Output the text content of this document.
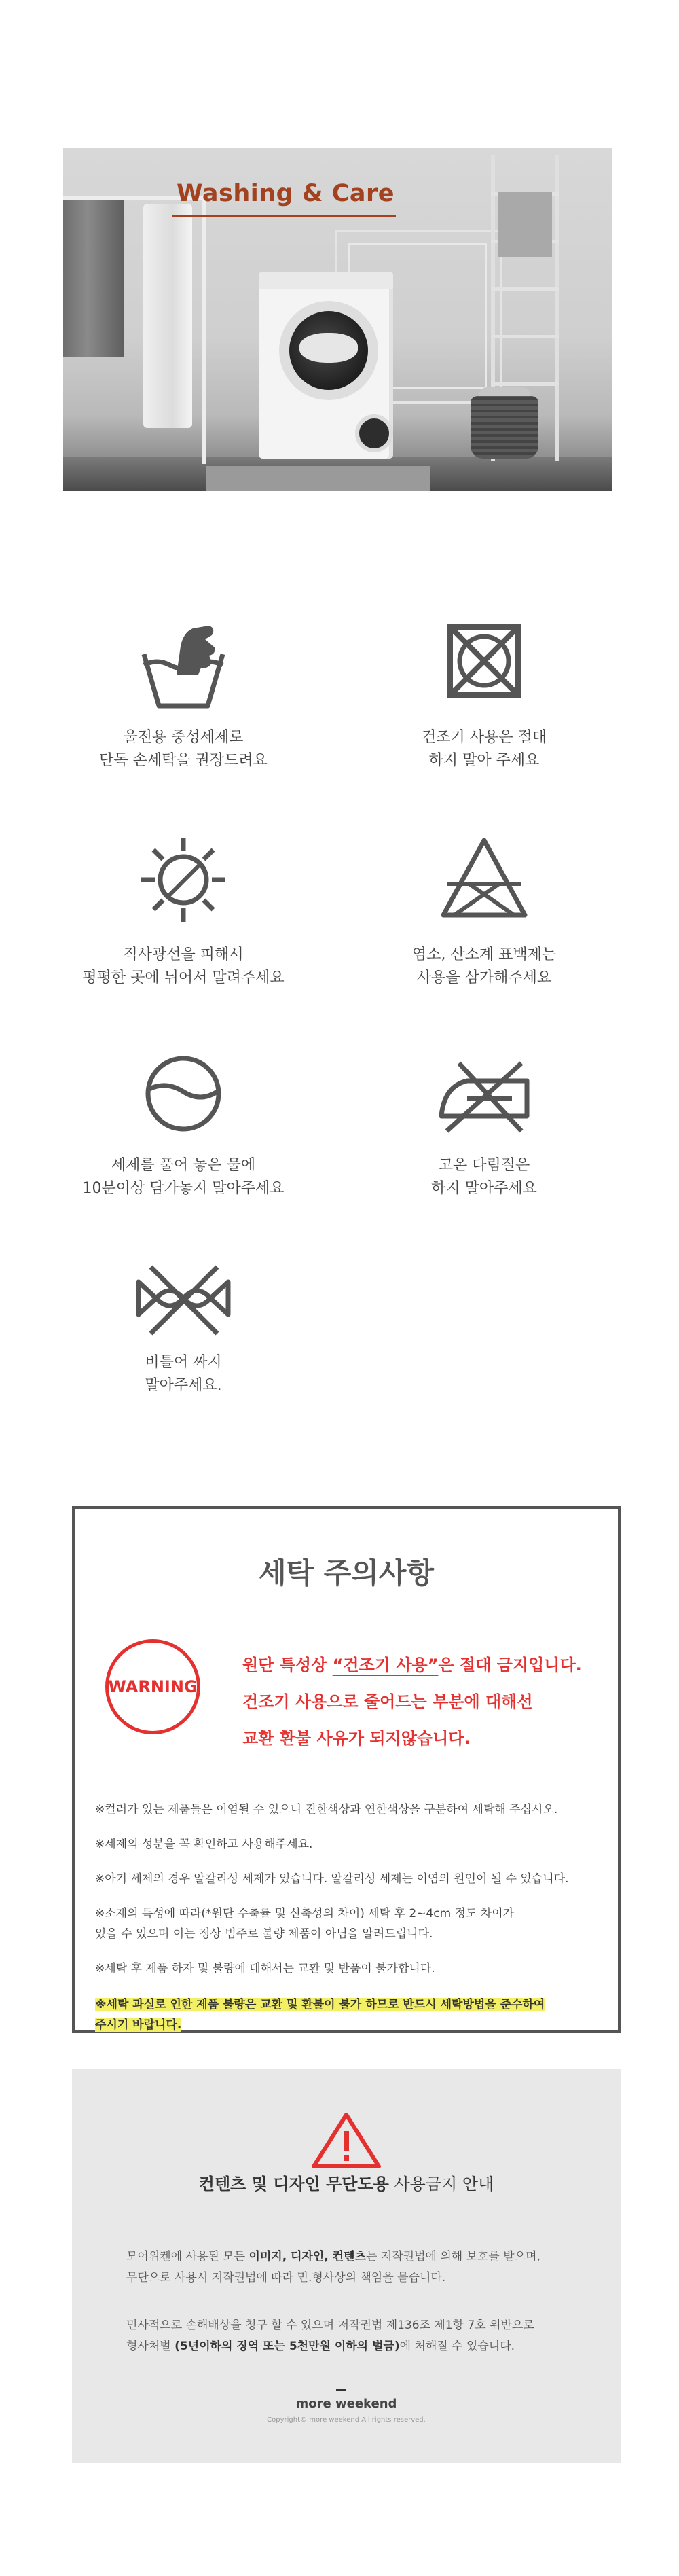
Washing & Care
울전용 중성세제로
단독 손세탁을 권장드려요
건조기 사용은 절대
하지 말아 주세요
직사광선을 피해서
평평한 곳에 뉘어서 말려주세요
염소, 산소계 표백제는
사용을 삼가해주세요
세제를 풀어 놓은 물에
10분이상 담가놓지 말아주세요
고온 다림질은
하지 말아주세요
비틀어 짜지
말아주세요.
세탁 주의사항
WARNING
원단 특성상 “건조기 사용”은 절대 금지입니다.
건조기 사용으로 줄어드는 부분에 대해선
교환 환불 사유가 되지않습니다.
※컬러가 있는 제품들은 이염될 수 있으니 진한색상과 연한색상을 구분하여 세탁해 주십시오.
※세제의 성분을 꼭 확인하고 사용해주세요.
※아기 세제의 경우 알칼리성 세제가 있습니다. 알칼리성 세제는 이염의 원인이 될 수 있습니다.
※소재의 특성에 따라(*원단 수축률 및 신축성의 차이) 세탁 후 2~4cm 정도 차이가
있을 수 있으며 이는 정상 범주로 불량 제품이 아님을 알려드립니다.
※세탁 후 제품 하자 및 불량에 대해서는 교환 및 반품이 불가합니다.
※세탁 과실로 인한 제품 불량은 교환 및 환불이 불가 하므로 반드시 세탁방법을 준수하여
주시기 바랍니다.
컨텐츠 및 디자인 무단도용 사용금지 안내
모어위켄에 사용된 모든 이미지, 디자인, 컨텐츠는 저작권법에 의해 보호를 받으며,
무단으로 사용시 저작권법에 따라 민.형사상의 책임을 묻습니다.
민사적으로 손해배상을 청구 할 수 있으며 저작권법 제136조 제1항 7호 위반으로
형사처벌 (5년이하의 징역 또는 5천만원 이하의 벌금)에 처해질 수 있습니다.
more weekend
Copyright© more weekend All rights reserved.
